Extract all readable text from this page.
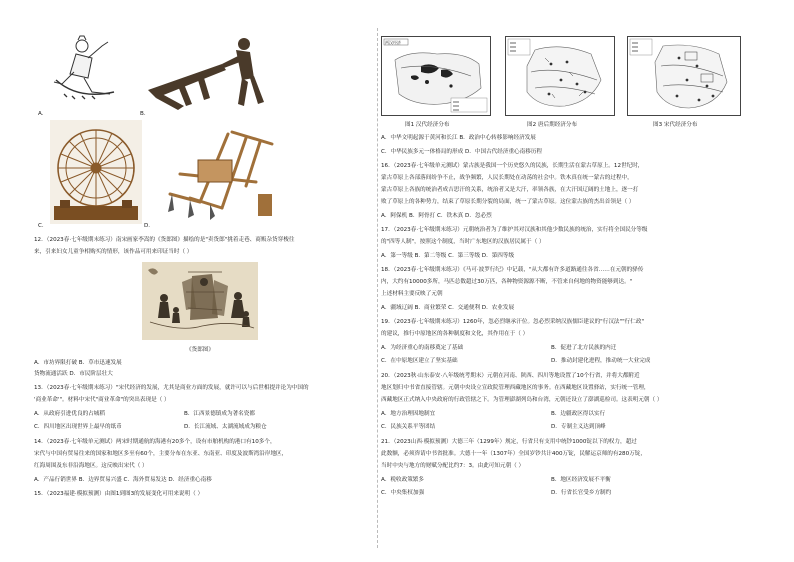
A.	B.
C.	D.
12．（2023春·七年级期末练习）南宋画家李嵩的《货郎图》描绘的是"卖货郎"挑着走巷、商贩杂货穿梭往
来，引来妇女儿童争相购买的情形，该作品可用来印证当时（ ）
《货郎图》
A．市坊界限打破 B．草市迅速发展
货物流通活跃 D．市民阶层壮大
13．（2023春·七年级期末练习）"宋代经济的发展，尤其是商业方面的发展，就许可以与后世相提并论为中国的
'商业革命'"。材料中宋代"商业革命"的突出表现是（ ）
A．从政府引进优良的占城稻	B．江西景德镇成为著名瓷都
C．四川地区出现世界上最早的纸币	D．长江流域、太湖流域成为粮仓
14．（2023春·七年级单元测试）两宋时期通航的海港有20多个，设有市舶机构的港口有10多个，
宋代与中国有贸易往来的国家和地区多至有60个，主要分布在东亚、东南亚、印度及波斯湾沿岸地区，
红海周围及东非沿海地区。这反映出宋代（ ）
A．产品行销世界 B．边界贸易兴盛 C．海外贸易发达 D．经济重心南移
15．（2023福建·模拟预测）由图1到图3的发展变化可用来说明（ ）
两汉经济
图1 汉代经济分布	图2 唐后期经济分布	图3 宋代经济分布
A．中华文明起源于黄河和长江 B．政治中心转移影响经济发展
C．中华民族多元一体格局的形成 D．中国古代经济重心南移历程
16．（2023春·七年级单元测试）蒙古族是我国一个历史悠久的民族，长期生活在蒙古草原上。12世纪时，
蒙古草原上各部落间纷争不止，战争频繁，人民长期处在动荡的社会中。铁木真在统一蒙古的过程中，
蒙古草原上各族的统治者成吉思汗的关系，统治者又是大汗，率领各族，在大汗国辽阔的土地上，逐一打
败了草原上的各种势力，结束了草原长期分裂的局面，统一了蒙古草原。这位蒙古族的杰出首领是（ ）
A．阿保机 B．阿骨打 C．铁木真 D．忽必烈
17．（2023春·七年级期末练习）元朝统治者为了维护其对汉族和其他少数民族的统治，实行将全国民分等级
的"四等人制"，按照这个制度，当时广东地区的汉族居民属于（ ）
A．第一等级 B．第二等级 C．第三等级 D．第四等级
18．（2023春·七年级期末练习）《马可·波罗行纪》中记载，"从大都有许多道路通往各省……在元朝的驿传
内，大约有10000多所，马匹总数超过30万匹，各种物资源源不断，不管来自何地的物资能够到达。"
上述材料主要反映了元朝
A．疆域辽阔 B．商业繁荣 C．交通便利 D．农业发展
19．（2023春·七年级期末练习）1260年，忽必烈继承汗位。忽必烈采纳汉族儒臣建议的"行汉法""行仁政"
的建议，推行中原地区的各种制度和文化，其作用在于（ ）
A．为经济重心的南移奠定了基础	B．促进了北方民族的内迁
C．在中原地区建立了坚实基础	D．推动封建化进程，推动统一大业完成
20．（2023秋·山东泰安·八年级统考期末）元朝在河南、陕西、四川等地设置了10个行省，并将大都附近
地区划归中书省直接管辖。元朝中央设立宣政院管理西藏地区的事务。在西藏地区设置驿站，实行统一管理，
西藏地区正式纳入中央政府的行政管辖之下。为管理澎湖列岛和台湾，元朝还设立了澎湖巡检司。这表明元朝（ ）
A．地方治理因地制宜	B．边疆政区得以实行
C．民族关系平等团结	D．专制主义达到顶峰
21．（2023山西·模拟预测）大德三年（1299年）规定，行省只有支用中统钞1000锭以下的权力，超过
此数额，必须咨请中书省批准。大德十一年（1307年）全国岁钞共计400万锭，民解运京师的有280万锭，
当时中央与地方的财赋分配比约7：3。由此可知元朝（ ）
A．税收政策繁多	B．地区经济发展不平衡
C．中央集权加强	D．行省长官受乡方制约
